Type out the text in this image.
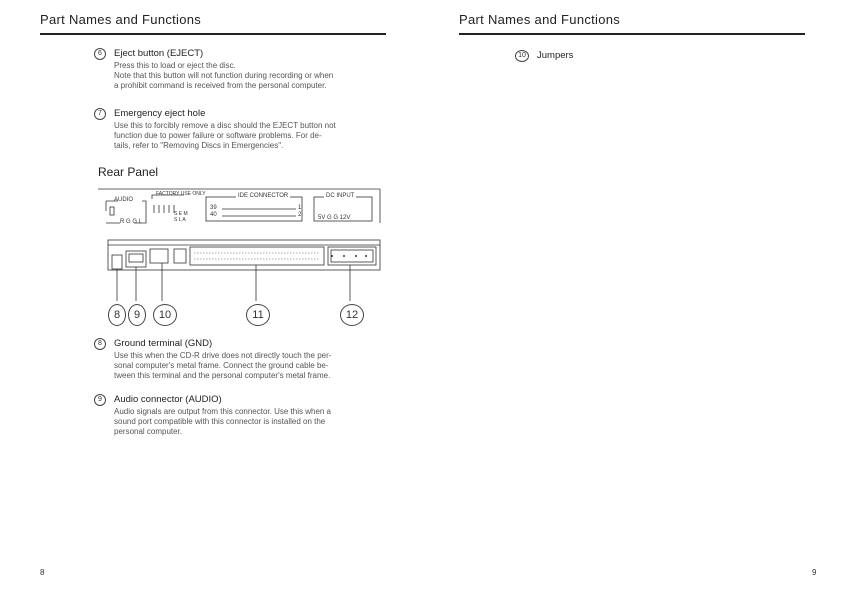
Part Names and Functions
6	Eject button (EJECT)
Press this to load or eject the disc.
Note that this button will not function during recording or when
a prohibit command is received from the personal computer.
7	Emergency eject hole
Use this to forcibly remove a disc should the EJECT button not
function due to power failure or software problems. For de-
tails, refer to "Removing Discs in Emergencies".
Rear Panel
AUDIO
R G G L
FACTORY USE ONLY
S E M
S L A
IDE CONNECTOR
39
40
1
2
DC INPUT
5V G G 12V
8	9	10	11	12
8	Ground terminal (GND)
Use this when the CD-R drive does not directly touch the per-
sonal computer's metal frame. Connect the ground cable be-
tween this terminal and the personal computer's metal frame.
9	Audio connector (AUDIO)
Audio signals are output from this connector. Use this when a
sound port compatible with this connector is installed on the
personal computer.
8
Part Names and Functions
10	Jumpers
9
